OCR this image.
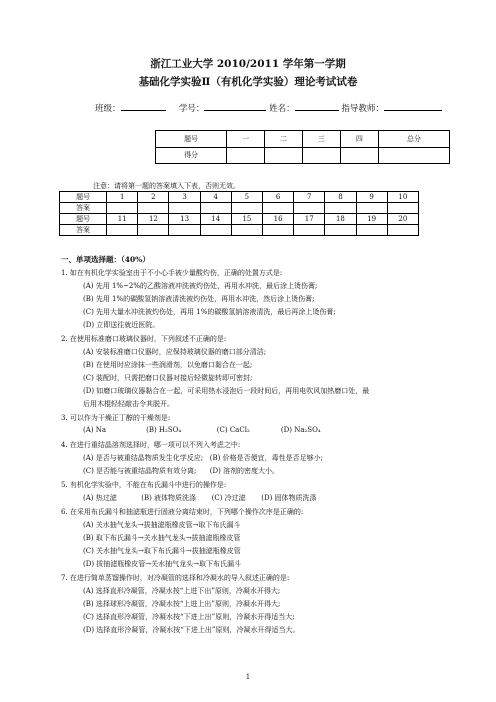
浙江工业大学 2010/2011 学年第一学期
基础化学实验Ⅱ（有机化学实验）理论考试试卷
班级：	学号：	姓名：	指导教师：
题号	一	二	三	四	总分
得分					
注意：请将第一题的答案填入下表，否则无效。
题号	1	2	3	4	5	6	7	8	9	10
答案										
题号	11	12	13	14	15	16	17	18	19	20
答案										
一、单项选择题：（40%）
1. 如在有机化学实验室由于不小心手被少量酸灼伤，正确的处置方式是:
(A) 先用 1%~2%的乙酸溶液冲洗被灼伤处，再用水冲洗，最后涂上烫伤膏;
(B) 先用 1%的碳酸氢钠溶液清洗被灼伤处，再用水冲洗，然后涂上烫伤膏;
(C) 先用大量水冲洗被灼伤处，再用 1%的碳酸氢钠溶液清洗，最后再涂上烫伤膏;
(D) 立即送往就近医院。
2. 在使用标准磨口玻璃仪器时，下列叙述不正确的是:
(A) 安装标准磨口仪器时，应保持玻璃仪器的磨口部分清洁;
(B) 在使用时应涂抹一些润滑剂，以免磨口黏合在一起;
(C) 装配时，只需把磨口仪器对接后轻微旋转即可密封;
(D) 如磨口玻璃仪器黏合在一起，可采用热水浸泡后一段时间后，再用电吹风加热磨口处，最
后用木棍轻轻敲击令其脱开。
3. 可以作为干燥正丁醇的干燥剂是:
(A) Na                  (B) H₂SO₄                (C) CaCl₂              (D) Na₂SO₄
4. 在进行重结晶溶剂选择时，哪一项可以不列入考虑之中:
(A) 是否与被重结晶物质发生化学反应;   (B) 价格是否便宜，毒性是否足够小;
(C) 是否能与被重结晶物质有效分离;      (D) 溶剂的密度大小。
5. 有机化学实验中，不能在布氏漏斗中进行的操作是:
(A) 热过滤           (B) 液体物质洗涤       (C) 冷过滤       (D) 固体物质洗涤
6. 在采用布氏漏斗和抽滤瓶进行固液分离结束时，下列哪个操作次序是正确的:
(A) 关水抽气龙头→拔抽滤瓶橡皮管→取下布氏漏斗
(B) 取下布氏漏斗→关水抽气龙头→拔抽滤瓶橡皮管
(C) 关水抽气龙头→取下布氏漏斗→拔抽滤瓶橡皮管
(D) 拔抽滤瓶橡皮管→关水抽气龙头→取下布氏漏斗
7. 在进行简单蒸馏操作时，对冷凝管的选择和冷凝水的导入叙述正确的是:
(A) 选择直形冷凝管，冷凝水按“上进下出”原则，冷凝水开得大;
(B) 选择球形冷凝管，冷凝水按“上进上出”原则，冷凝水开得大;
(C) 选择直形冷凝管，冷凝水按“下进上出”原则，冷凝水开得适当大;
(D) 选择直形冷凝管，冷凝水按“下进上出”原则，冷凝水开得适当大。
1
